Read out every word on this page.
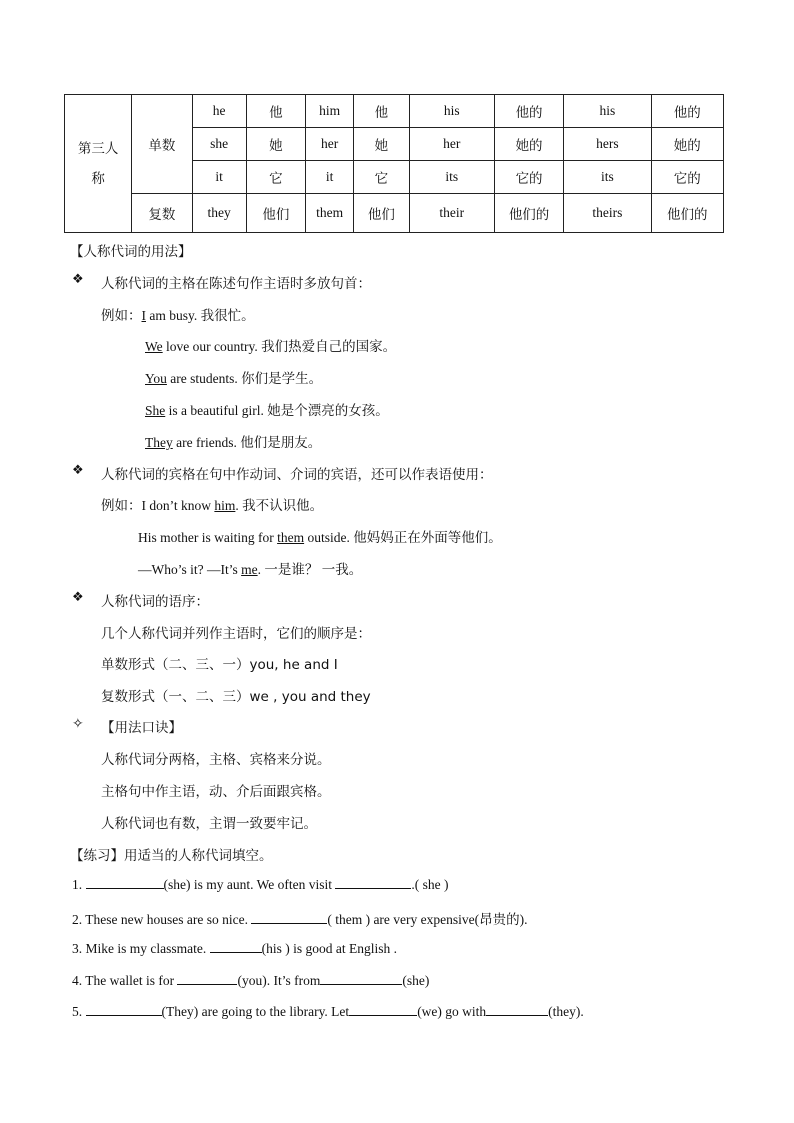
第三人称	单数	he	他	him	他	his	他的	his	他的
		she	她	her	她	her	她的	hers	她的
		it	它	it	它	its	它的	its	它的
	复数	they	他们	them	他们	their	他们的	theirs	他们的
【人称代词的用法】
❖ 人称代词的主格在陈述句作主语时多放句首：
例如：I am busy. 我很忙。
We love our country. 我们热爱自己的国家。
You are students. 你们是学生。
She is a beautiful girl. 她是个漂亮的女孩。
They are friends. 他们是朋友。
❖ 人称代词的宾格在句中作动词、介词的宾语，还可以作表语使用：
例如：I don’t know him. 我不认识他。
His mother is waiting for them outside. 他妈妈正在外面等他们。
—Who’s it? —It’s me. 一是谁？ 一我。
❖ 人称代词的语序：
几个人称代词并列作主语时，它们的顺序是：
单数形式（二、三、一）you, he and I
复数形式（一、二、三）we , you and they
✧ 【用法口诀】
人称代词分两格，主格、宾格来分说。
主格句中作主语，动、介后面跟宾格。
人称代词也有数，主谓一致要牢记。
【练习】用适当的人称代词填空。
1.	(she) is my aunt. We often visit	.( she )
2. These new houses are so nice.	( them ) are very expensive(昂贵的).
3. Mike is my classmate.	(his ) is good at English .
4. The wallet is for	(you). It’s from	(she)
5.	(They) are going to the library. Let	(we) go with	(they).
